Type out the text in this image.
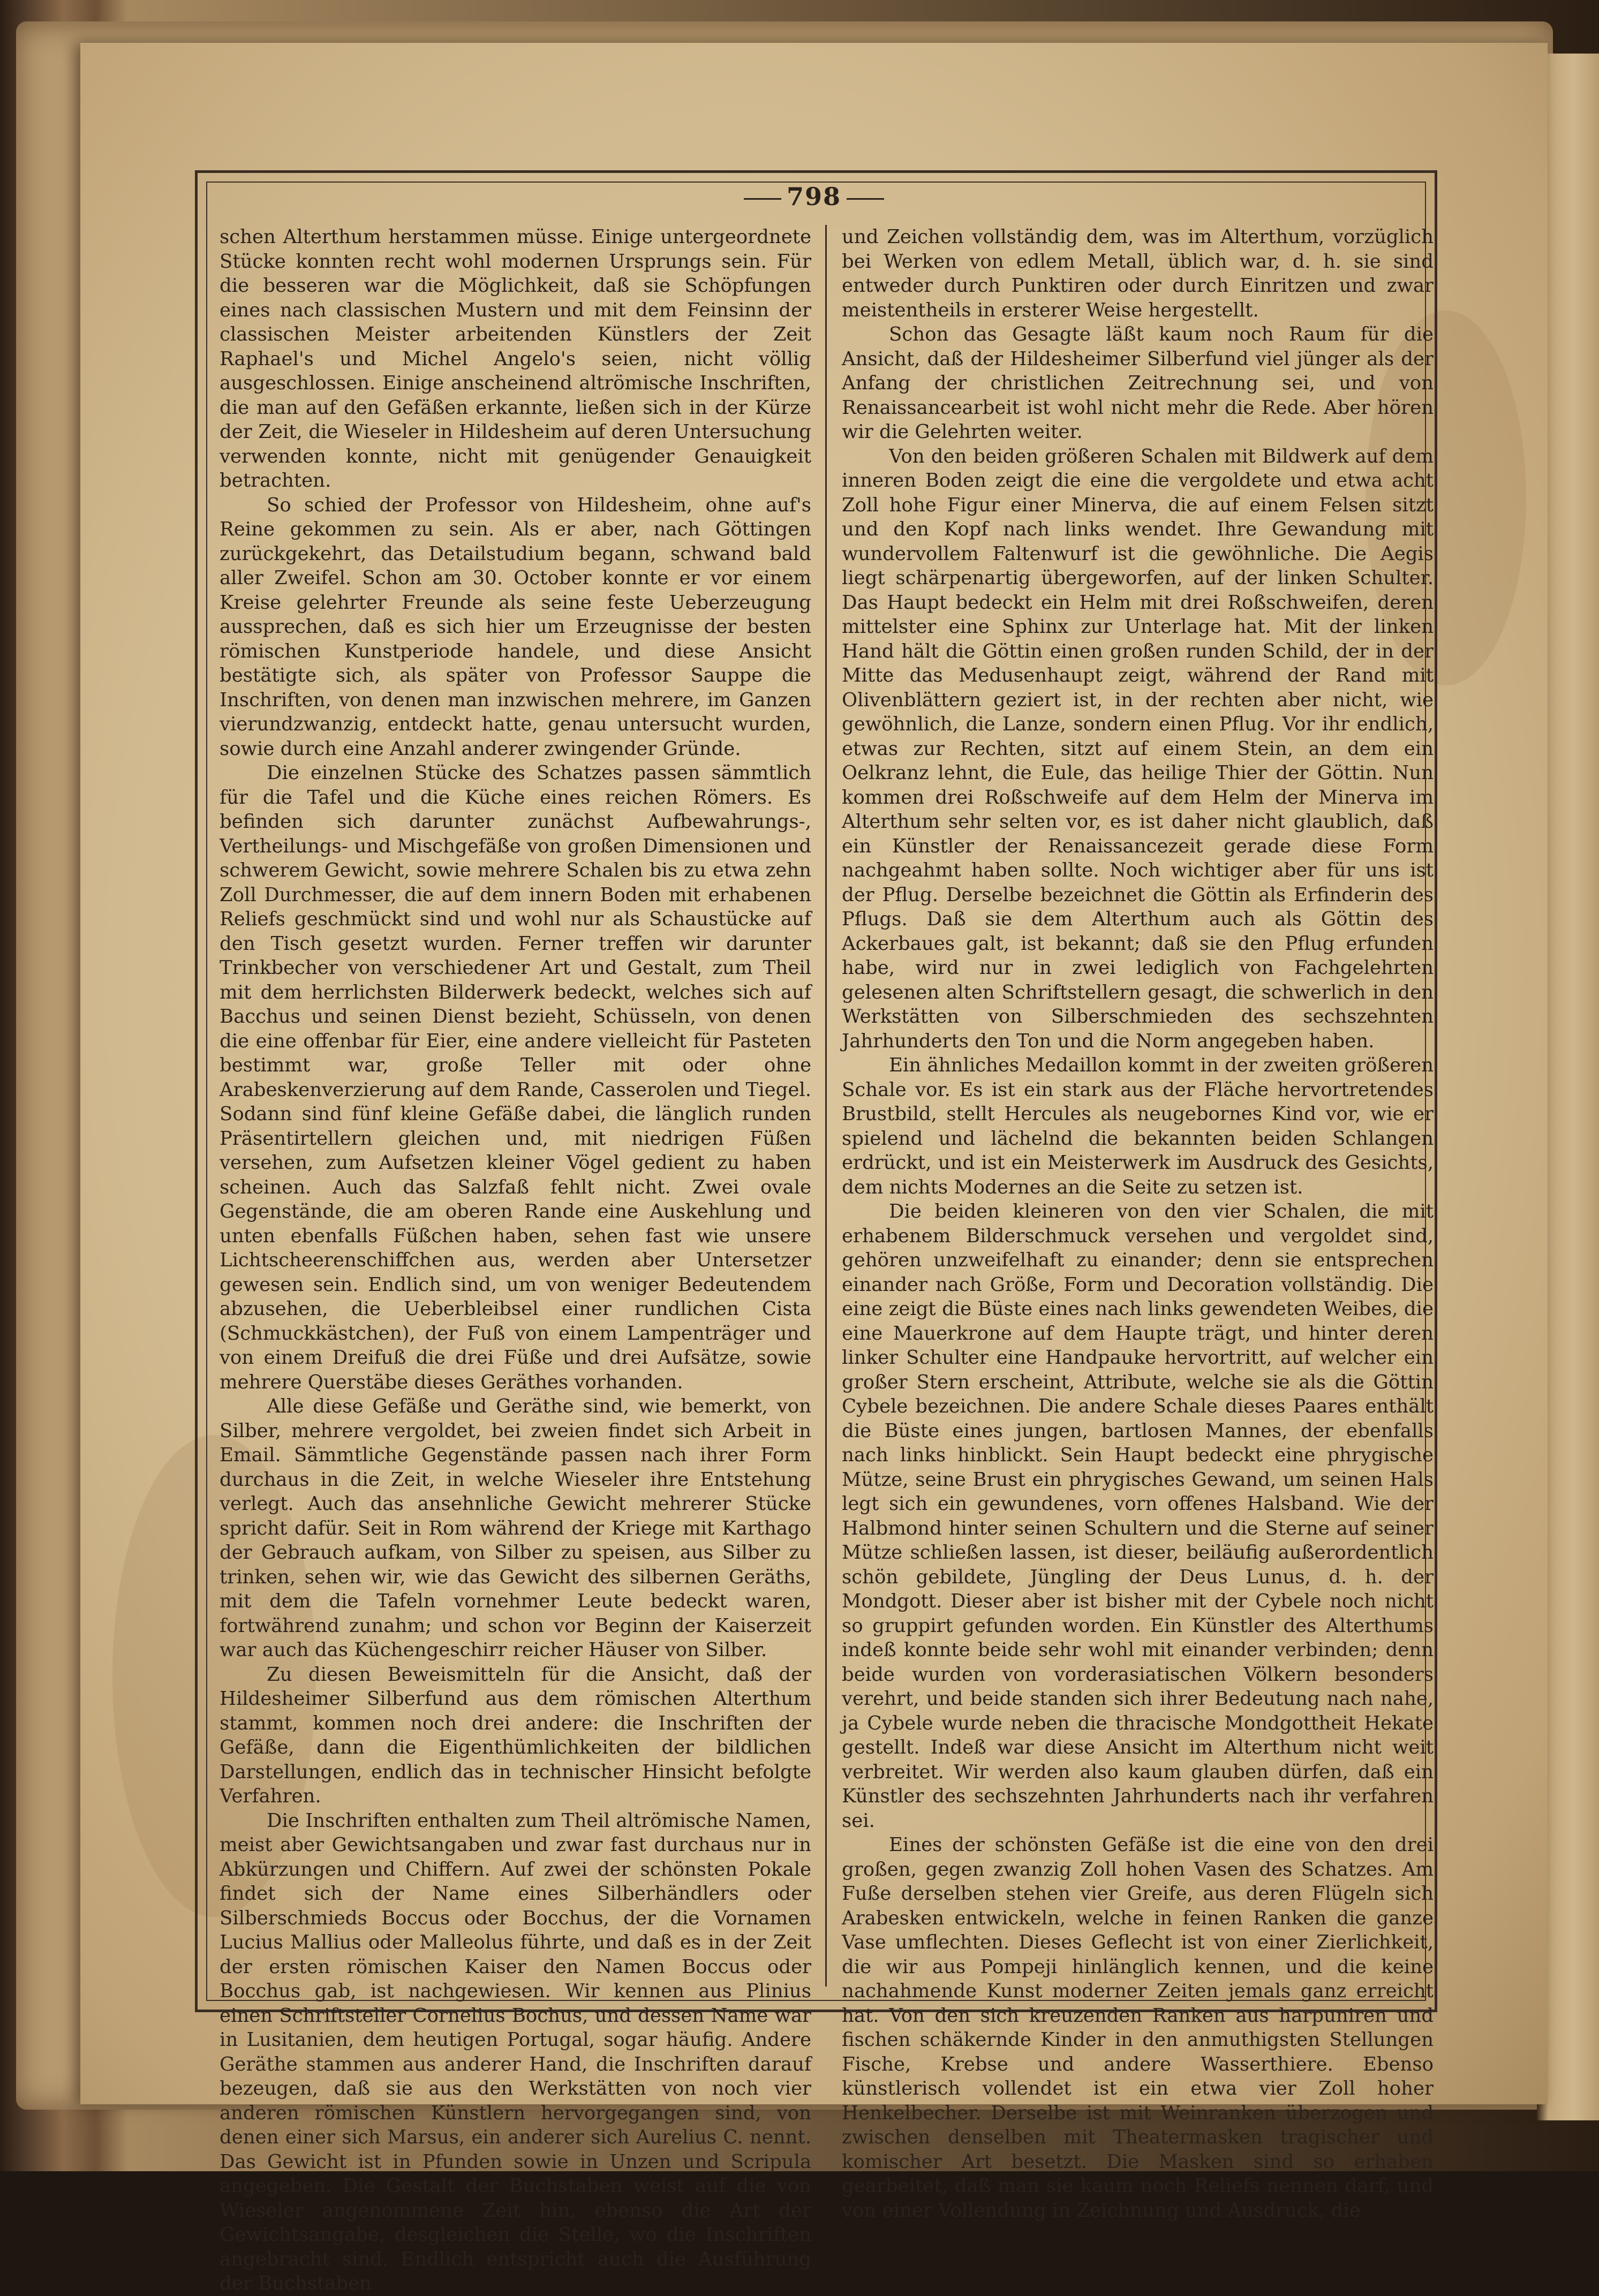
798

schen Alterthum herstammen müsse. Einige untergeordnete Stücke konnten recht wohl modernen Ursprungs sein. Für die besseren war die Möglichkeit, daß sie Schöpfungen eines nach classischen Mustern und mit dem Feinsinn der classischen Meister arbeitenden Künstlers der Zeit Raphael's und Michel Angelo's seien, nicht völlig ausgeschlossen. Einige anscheinend altrömische Inschriften, die man auf den Gefäßen erkannte, ließen sich in der Kürze der Zeit, die Wieseler in Hildesheim auf deren Untersuchung verwenden konnte, nicht mit genügender Genauigkeit betrachten.

So schied der Professor von Hildesheim, ohne auf's Reine gekommen zu sein. Als er aber, nach Göttingen zurückgekehrt, das Detailstudium begann, schwand bald aller Zweifel. Schon am 30. October konnte er vor einem Kreise gelehrter Freunde als seine feste Ueberzeugung aussprechen, daß es sich hier um Erzeugnisse der besten römischen Kunstperiode handele, und diese Ansicht bestätigte sich, als später von Professor Sauppe die Inschriften, von denen man inzwischen mehrere, im Ganzen vierundzwanzig, entdeckt hatte, genau untersucht wurden, sowie durch eine Anzahl anderer zwingender Gründe.

Die einzelnen Stücke des Schatzes passen sämmtlich für die Tafel und die Küche eines reichen Römers. Es befinden sich darunter zunächst Aufbewahrungs-, Vertheilungs- und Mischgefäße von großen Dimensionen und schwerem Gewicht, sowie mehrere Schalen bis zu etwa zehn Zoll Durchmesser, die auf dem innern Boden mit erhabenen Reliefs geschmückt sind und wohl nur als Schaustücke auf den Tisch gesetzt wurden. Ferner treffen wir darunter Trinkbecher von verschiedener Art und Gestalt, zum Theil mit dem herrlichsten Bilderwerk bedeckt, welches sich auf Bacchus und seinen Dienst bezieht, Schüsseln, von denen die eine offenbar für Eier, eine andere vielleicht für Pasteten bestimmt war, große Teller mit oder ohne Arabeskenverzierung auf dem Rande, Casserolen und Tiegel. Sodann sind fünf kleine Gefäße dabei, die länglich runden Präsentirtellern gleichen und, mit niedrigen Füßen versehen, zum Aufsetzen kleiner Vögel gedient zu haben scheinen. Auch das Salzfaß fehlt nicht. Zwei ovale Gegenstände, die am oberen Rande eine Auskehlung und unten ebenfalls Füßchen haben, sehen fast wie unsere Lichtscheerenschiffchen aus, werden aber Untersetzer gewesen sein. Endlich sind, um von weniger Bedeutendem abzusehen, die Ueberbleibsel einer rundlichen Cista (Schmuckkästchen), der Fuß von einem Lampenträger und von einem Dreifuß die drei Füße und drei Aufsätze, sowie mehrere Querstäbe dieses Geräthes vorhanden.

Alle diese Gefäße und Geräthe sind, wie bemerkt, von Silber, mehrere vergoldet, bei zweien findet sich Arbeit in Email. Sämmtliche Gegenstände passen nach ihrer Form durchaus in die Zeit, in welche Wieseler ihre Entstehung verlegt. Auch das ansehnliche Gewicht mehrerer Stücke spricht dafür. Seit in Rom während der Kriege mit Karthago der Gebrauch aufkam, von Silber zu speisen, aus Silber zu trinken, sehen wir, wie das Gewicht des silbernen Geräths, mit dem die Tafeln vornehmer Leute bedeckt waren, fortwährend zunahm; und schon vor Beginn der Kaiserzeit war auch das Küchengeschirr reicher Häuser von Silber.

Zu diesen Beweismitteln für die Ansicht, daß der Hildesheimer Silberfund aus dem römischen Alterthum stammt, kommen noch drei andere: die Inschriften der Gefäße, dann die Eigenthümlichkeiten der bildlichen Darstellungen, endlich das in technischer Hinsicht befolgte Verfahren.

Die Inschriften enthalten zum Theil altrömische Namen, meist aber Gewichtsangaben und zwar fast durchaus nur in Abkürzungen und Chiffern. Auf zwei der schönsten Pokale findet sich der Name eines Silberhändlers oder Silberschmieds Boccus oder Bocchus, der die Vornamen Lucius Mallius oder Malleolus führte, und daß es in der Zeit der ersten römischen Kaiser den Namen Boccus oder Bocchus gab, ist nachgewiesen. Wir kennen aus Plinius einen Schriftsteller Cornelius Bochus, und dessen Name war in Lusitanien, dem heutigen Portugal, sogar häufig. Andere Geräthe stammen aus anderer Hand, die Inschriften darauf bezeugen, daß sie aus den Werkstätten von noch vier anderen römischen Künstlern hervorgegangen sind, von denen einer sich Marsus, ein anderer sich Aurelius C. nennt. Das Gewicht ist in Pfunden sowie in Unzen und Scripula angegeben. Die Gestalt der Buchstaben weist auf die von Wieseler angenommene Zeit hin, ebenso die Art der Gewichtsangabe, desgleichen die Stelle, wo die Inschriften angebracht sind. Endlich entspricht auch die Ausführung der Buchstaben

und Zeichen vollständig dem, was im Alterthum, vorzüglich bei Werken von edlem Metall, üblich war, d. h. sie sind entweder durch Punktiren oder durch Einritzen und zwar meistentheils in ersterer Weise hergestellt.

Schon das Gesagte läßt kaum noch Raum für die Ansicht, daß der Hildesheimer Silberfund viel jünger als der Anfang der christlichen Zeitrechnung sei, und von Renaissancearbeit ist wohl nicht mehr die Rede. Aber hören wir die Gelehrten weiter.

Von den beiden größeren Schalen mit Bildwerk auf dem inneren Boden zeigt die eine die vergoldete und etwa acht Zoll hohe Figur einer Minerva, die auf einem Felsen sitzt und den Kopf nach links wendet. Ihre Gewandung mit wundervollem Faltenwurf ist die gewöhnliche. Die Aegis liegt schärpenartig übergeworfen, auf der linken Schulter. Das Haupt bedeckt ein Helm mit drei Roßschweifen, deren mittelster eine Sphinx zur Unterlage hat. Mit der linken Hand hält die Göttin einen großen runden Schild, der in der Mitte das Medusenhaupt zeigt, während der Rand mit Olivenblättern geziert ist, in der rechten aber nicht, wie gewöhnlich, die Lanze, sondern einen Pflug. Vor ihr endlich, etwas zur Rechten, sitzt auf einem Stein, an dem ein Oelkranz lehnt, die Eule, das heilige Thier der Göttin. Nun kommen drei Roßschweife auf dem Helm der Minerva im Alterthum sehr selten vor, es ist daher nicht glaublich, daß ein Künstler der Renaissancezeit gerade diese Form nachgeahmt haben sollte. Noch wichtiger aber für uns ist der Pflug. Derselbe bezeichnet die Göttin als Erfinderin des Pflugs. Daß sie dem Alterthum auch als Göttin des Ackerbaues galt, ist bekannt; daß sie den Pflug erfunden habe, wird nur in zwei lediglich von Fachgelehrten gelesenen alten Schriftstellern gesagt, die schwerlich in den Werkstätten von Silberschmieden des sechszehnten Jahrhunderts den Ton und die Norm angegeben haben.

Ein ähnliches Medaillon kommt in der zweiten größeren Schale vor. Es ist ein stark aus der Fläche hervortretendes Brustbild, stellt Hercules als neugebornes Kind vor, wie er spielend und lächelnd die bekannten beiden Schlangen erdrückt, und ist ein Meisterwerk im Ausdruck des Gesichts, dem nichts Modernes an die Seite zu setzen ist.

Die beiden kleineren von den vier Schalen, die mit erhabenem Bilderschmuck versehen und vergoldet sind, gehören unzweifelhaft zu einander; denn sie entsprechen einander nach Größe, Form und Decoration vollständig. Die eine zeigt die Büste eines nach links gewendeten Weibes, die eine Mauerkrone auf dem Haupte trägt, und hinter deren linker Schulter eine Handpauke hervortritt, auf welcher ein großer Stern erscheint, Attribute, welche sie als die Göttin Cybele bezeichnen. Die andere Schale dieses Paares enthält die Büste eines jungen, bartlosen Mannes, der ebenfalls nach links hinblickt. Sein Haupt bedeckt eine phrygische Mütze, seine Brust ein phrygisches Gewand, um seinen Hals legt sich ein gewundenes, vorn offenes Halsband. Wie der Halbmond hinter seinen Schultern und die Sterne auf seiner Mütze schließen lassen, ist dieser, beiläufig außerordentlich schön gebildete, Jüngling der Deus Lunus, d. h. der Mondgott. Dieser aber ist bisher mit der Cybele noch nicht so gruppirt gefunden worden. Ein Künstler des Alterthums indeß konnte beide sehr wohl mit einander verbinden; denn beide wurden von vorderasiatischen Völkern besonders verehrt, und beide standen sich ihrer Bedeutung nach nahe, ja Cybele wurde neben die thracische Mondgottheit Hekate gestellt. Indeß war diese Ansicht im Alterthum nicht weit verbreitet. Wir werden also kaum glauben dürfen, daß ein Künstler des sechszehnten Jahrhunderts nach ihr verfahren sei.

Eines der schönsten Gefäße ist die eine von den drei großen, gegen zwanzig Zoll hohen Vasen des Schatzes. Am Fuße derselben stehen vier Greife, aus deren Flügeln sich Arabesken entwickeln, welche in feinen Ranken die ganze Vase umflechten. Dieses Geflecht ist von einer Zierlichkeit, die wir aus Pompeji hinlänglich kennen, und die keine nachahmende Kunst moderner Zeiten jemals ganz erreicht hat. Von den sich kreuzenden Ranken aus harpuniren und fischen schäkernde Kinder in den anmuthigsten Stellungen Fische, Krebse und andere Wasserthiere. Ebenso künstlerisch vollendet ist ein etwa vier Zoll hoher Henkelbecher. Derselbe ist mit Weinranken überzogen und zwischen denselben mit Theatermasken tragischer und komischer Art besetzt. Die Masken sind so erhaben gearbeitet, daß man sie kaum noch Reliefs nennen darf, und von einer Vollendung in Zeichnung und Ausdruck, die
